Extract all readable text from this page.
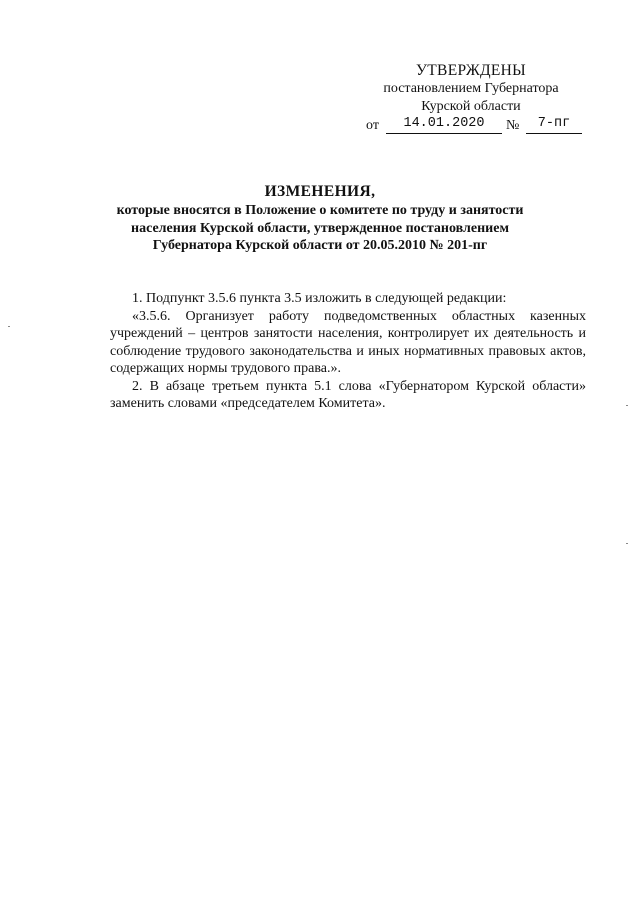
УТВЕРЖДЕНЫ
постановлением Губернатора
Курской области
от	14.01.2020	№	7-пг
ИЗМЕНЕНИЯ,
которые вносятся в Положение о комитете по труду и занятости
населения Курской области, утвержденное постановлением
Губернатора Курской области от 20.05.2010 № 201-пг

1. Подпункт 3.5.6 пункта 3.5 изложить в следующей редакции:

«3.5.6. Организует работу подведомственных областных казенных учреждений – центров занятости населения, контролирует их деятельность и соблюдение трудового законодательства и иных нормативных правовых актов, содержащих нормы трудового права.».

2. В абзаце третьем пункта 5.1 слова «Губернатором Курской области» заменить словами «председателем Комитета».
